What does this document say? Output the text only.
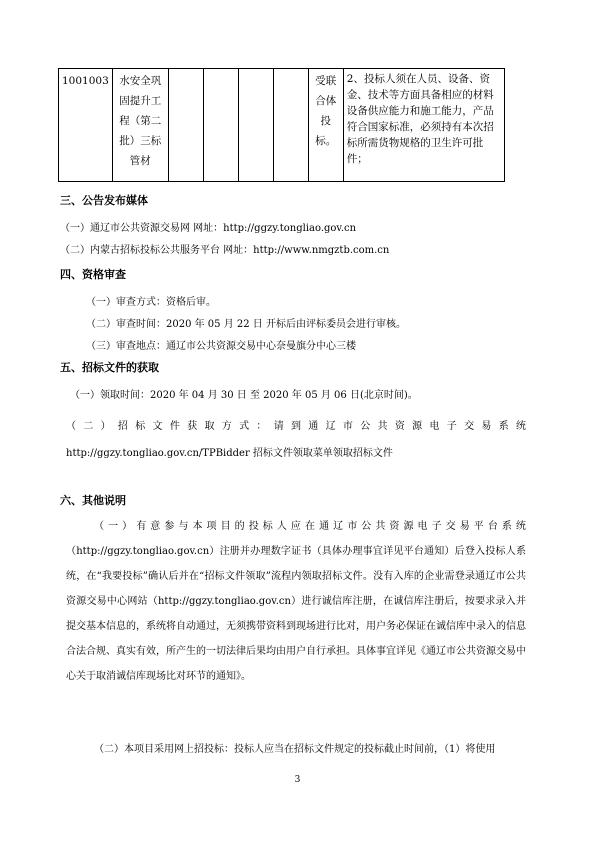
1001003	水安全巩固提升工程（第二批）三标管材					受联合体投标。	2、投标人须在人员、设备、资金、技术等方面具备相应的材料设备供应能力和施工能力，产品符合国家标准，必须持有本次招标所需货物规格的卫生许可批件；
三、公告发布媒体
（一）通辽市公共资源交易网 网址：http://ggzy.tongliao.gov.cn
（二）内蒙古招标投标公共服务平台 网址：http://www.nmgztb.com.cn
四、资格审查
（一）审查方式：资格后审。
（二）审查时间：2020 年 05 月 22 日 开标后由评标委员会进行审核。
（三）审查地点：通辽市公共资源交易中心奈曼旗分中心三楼
五、招标文件的获取
（一）领取时间：2020 年 04 月 30 日 至 2020 年 05 月 06 日(北京时间)。
（二）招标文件获取方式：请到通辽市公共资源电子交易系统
http://ggzy.tongliao.gov.cn/TPBidder 招标文件领取菜单领取招标文件
六、其他说明
（一）有意参与本项目的投标人应在通辽市公共资源电子交易平台系统（http://ggzy.tongliao.gov.cn）注册并办理数字证书（具体办理事宜详见平台通知）后登入投标人系统，在“我要投标”确认后并在“招标文件领取”流程内领取招标文件。没有入库的企业需登录通辽市公共资源交易中心网站（http://ggzy.tongliao.gov.cn）进行诚信库注册，在诚信库注册后，按要求录入并提交基本信息的，系统将自动通过，无须携带资料到现场进行比对，用户务必保证在诚信库中录入的信息合法合规、真实有效，所产生的一切法律后果均由用户自行承担。具体事宜详见《通辽市公共资源交易中心关于取消诚信库现场比对环节的通知》。
（二）本项目采用网上招投标：投标人应当在招标文件规定的投标截止时间前，（1）将使用
3
